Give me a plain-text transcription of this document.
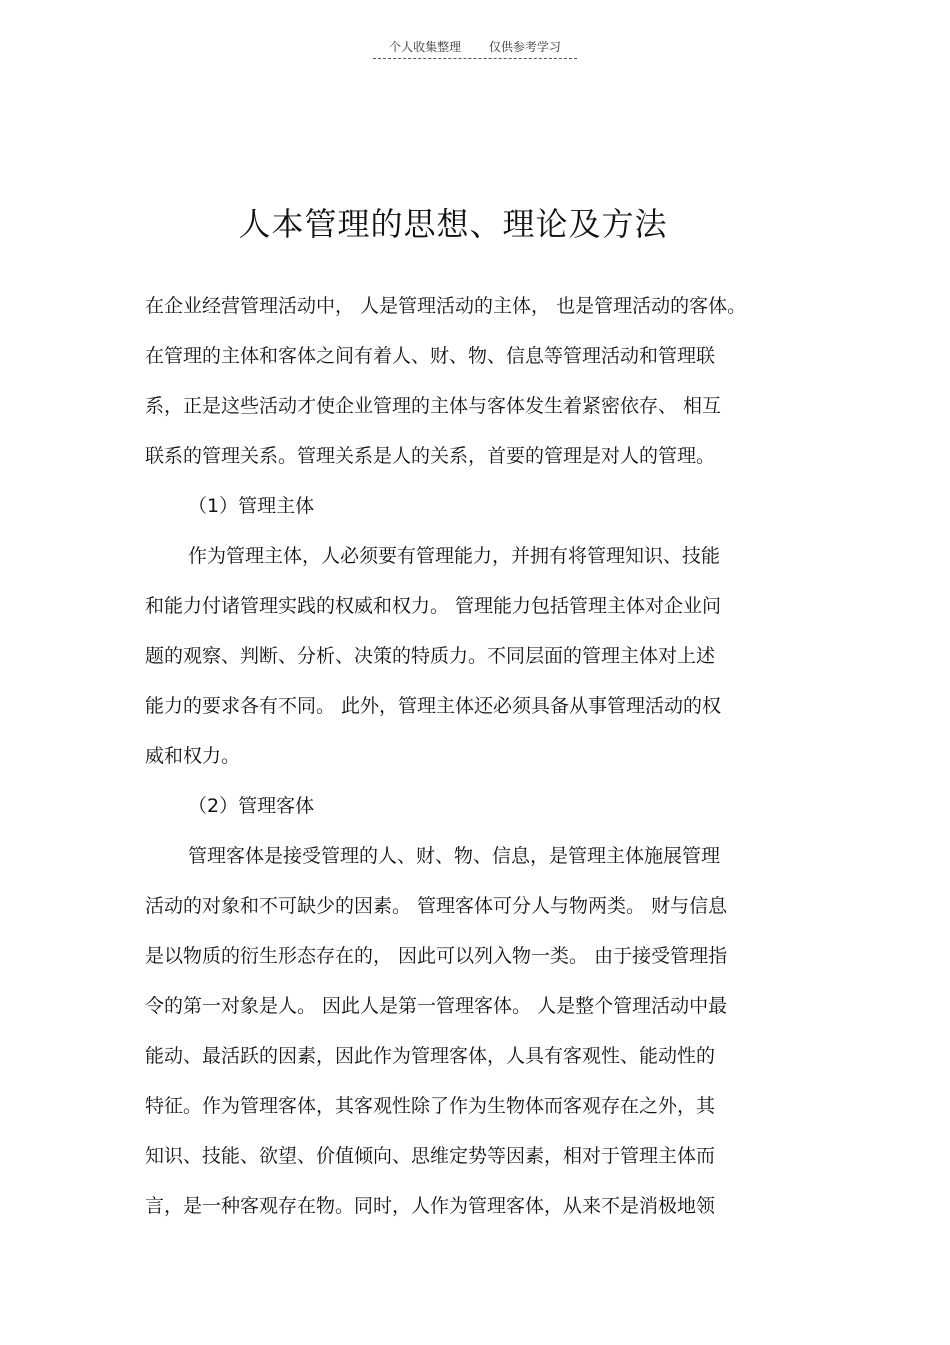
个人收集整理 仅供参考学习
人本管理的思想、理论及方法
在企业经营管理活动中， 人是管理活动的主体， 也是管理活动的客体。
在管理的主体和客体之间有着人、财、物、信息等管理活动和管理联
系，正是这些活动才使企业管理的主体与客体发生着紧密依存、 相互
联系的管理关系。管理关系是人的关系，首要的管理是对人的管理。
（1）管理主体
作为管理主体，人必须要有管理能力，并拥有将管理知识、技能
和能力付诸管理实践的权威和权力。 管理能力包括管理主体对企业问
题的观察、判断、分析、决策的特质力。不同层面的管理主体对上述
能力的要求各有不同。 此外，管理主体还必须具备从事管理活动的权
威和权力。
（2）管理客体
管理客体是接受管理的人、财、物、信息，是管理主体施展管理
活动的对象和不可缺少的因素。 管理客体可分人与物两类。 财与信息
是以物质的衍生形态存在的， 因此可以列入物一类。 由于接受管理指
令的第一对象是人。 因此人是第一管理客体。 人是整个管理活动中最
能动、最活跃的因素，因此作为管理客体，人具有客观性、能动性的
特征。作为管理客体，其客观性除了作为生物体而客观存在之外，其
知识、技能、欲望、价值倾向、思维定势等因素，相对于管理主体而
言，是一种客观存在物。同时，人作为管理客体，从来不是消极地领
